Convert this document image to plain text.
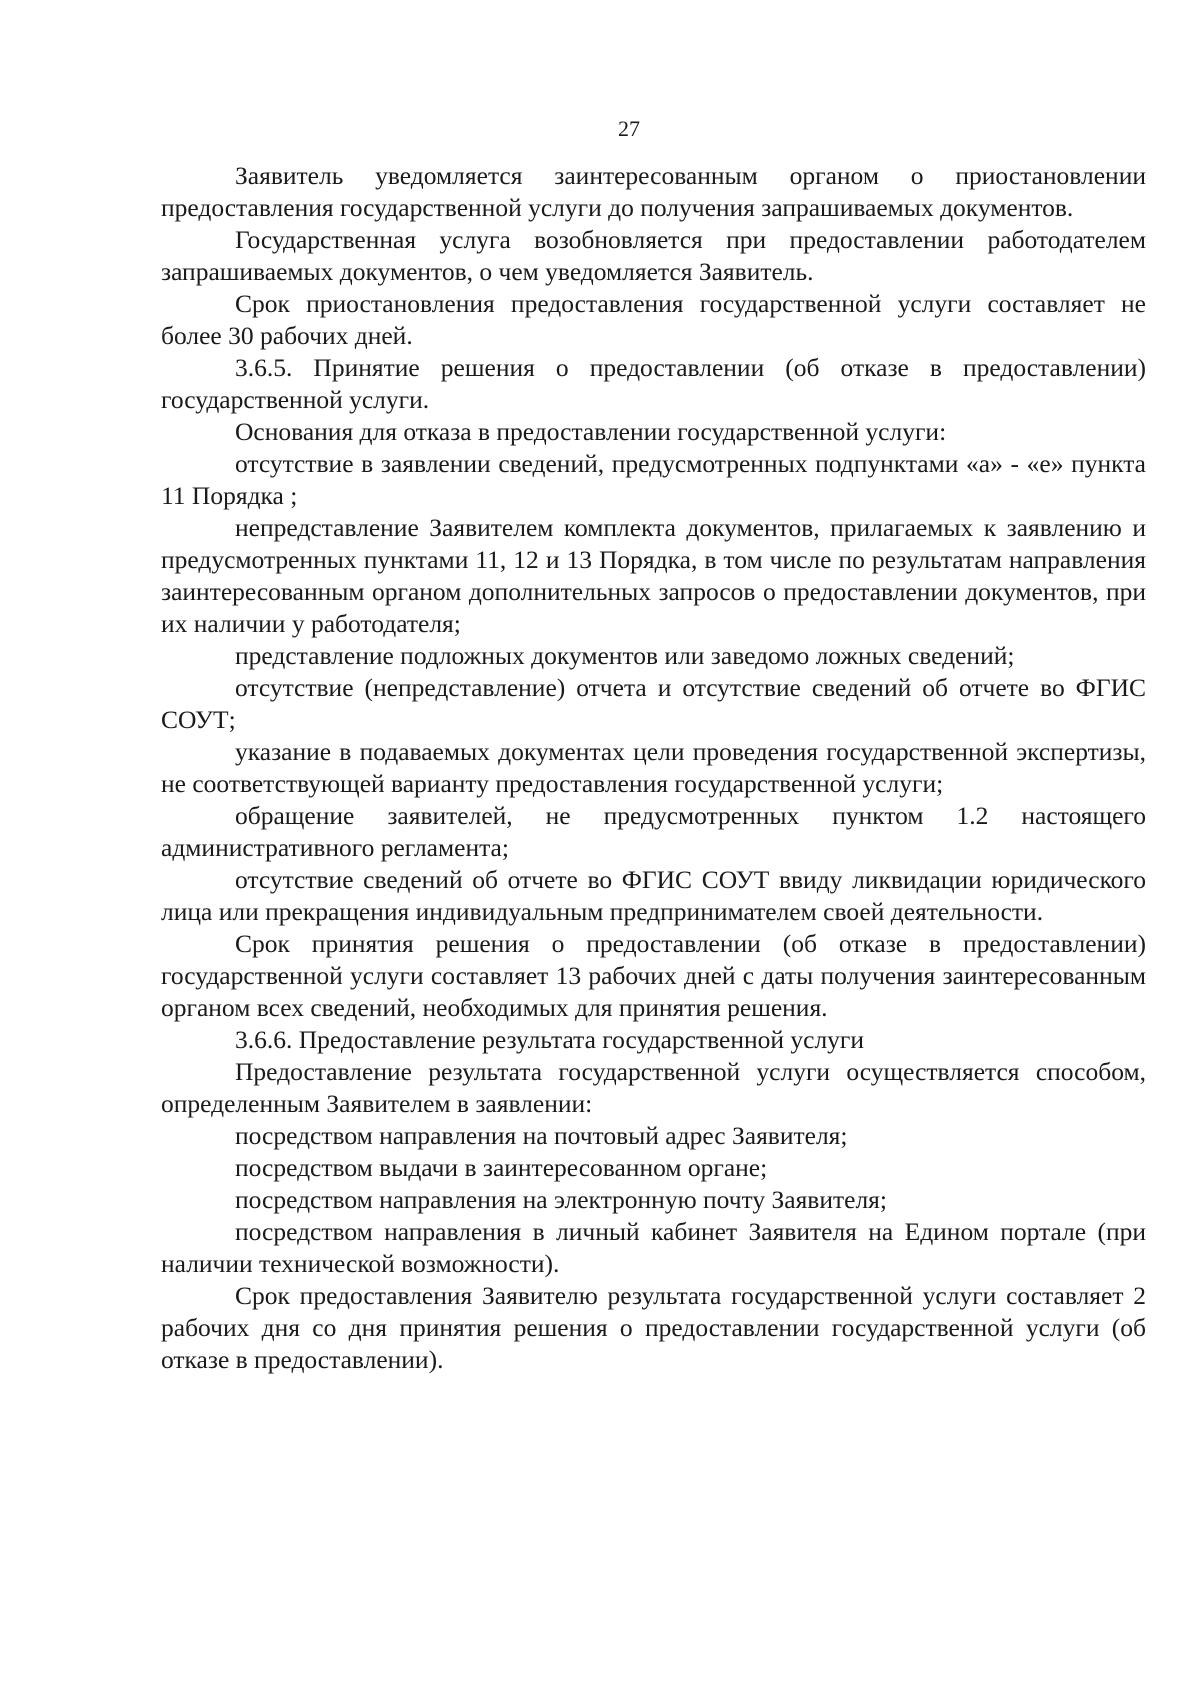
27

Заявитель уведомляется заинтересованным органом о приостановлении предоставления государственной услуги до получения запрашиваемых документов.

Государственная услуга возобновляется при предоставлении работодателем запрашиваемых документов, о чем уведомляется Заявитель.

Срок приостановления предоставления государственной услуги составляет не более 30 рабочих дней.

3.6.5. Принятие решения о предоставлении (об отказе в предоставлении) государственной услуги.

Основания для отказа в предоставлении государственной услуги:

отсутствие в заявлении сведений, предусмотренных подпунктами «а» - «е» пункта 11 Порядка ;

непредставление Заявителем комплекта документов, прилагаемых к заявлению и предусмотренных пунктами 11, 12 и 13 Порядка, в том числе по результатам направления заинтересованным органом дополнительных запросов о предоставлении документов, при их наличии у работодателя;

представление подложных документов или заведомо ложных сведений;

отсутствие (непредставление) отчета и отсутствие сведений об отчете во ФГИС СОУТ;

указание в подаваемых документах цели проведения государственной экспертизы, не соответствующей варианту предоставления государственной услуги;

обращение заявителей, не предусмотренных пунктом 1.2 настоящего административного регламента;

отсутствие сведений об отчете во ФГИС СОУТ ввиду ликвидации юридического лица или прекращения индивидуальным предпринимателем своей деятельности.

Срок принятия решения о предоставлении (об отказе в предоставлении) государственной услуги составляет 13 рабочих дней с даты получения заинтересованным органом всех сведений, необходимых для принятия решения.

3.6.6. Предоставление результата государственной услуги

Предоставление результата государственной услуги осуществляется способом, определенным Заявителем в заявлении:

посредством направления на почтовый адрес Заявителя;

посредством выдачи в заинтересованном органе;

посредством направления на электронную почту Заявителя;

посредством направления в личный кабинет Заявителя на Едином портале (при наличии технической возможности).

Срок предоставления Заявителю результата государственной услуги составляет 2 рабочих дня со дня принятия решения о предоставлении государственной услуги (об отказе в предоставлении).
